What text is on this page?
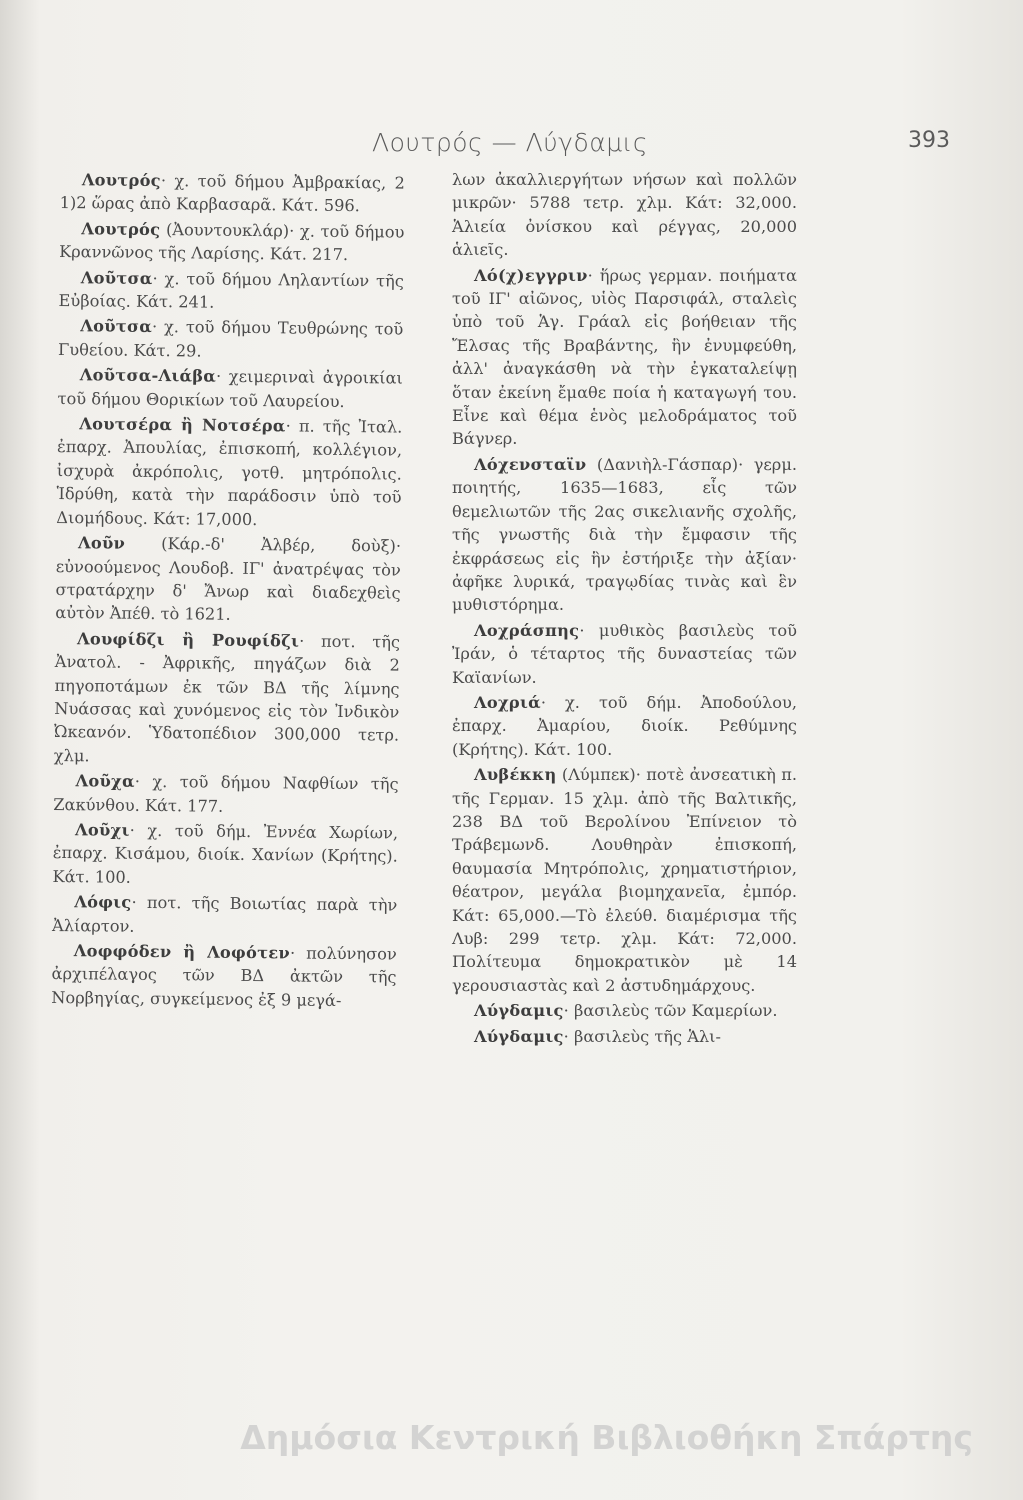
Λουτρός — Λύγδαμις	393

Λουτρός· χ. τοῦ δήμου Ἀμβρακίας, 2 1)2 ὥρας ἀπὸ Καρβασαρᾶ. Κάτ. 596.

Λουτρός (Ἀουντουκλάρ)· χ. τοῦ δήμου Κραννῶνος τῆς Λαρίσης. Κάτ. 217.

Λοῦτσα· χ. τοῦ δήμου Ληλαντίων τῆς Εὐβοίας. Κάτ. 241.

Λοῦτσα· χ. τοῦ δήμου Τευθρώνης τοῦ Γυθείου. Κάτ. 29.

Λοῦτσα-Λιάβα· χειμεριναὶ ἀγροικίαι τοῦ δήμου Θορικίων τοῦ Λαυρείου.

Λουτσέρα ἢ Νοτσέρα· π. τῆς Ἰταλ. ἐπαρχ. Ἀπουλίας, ἐπισκοπή, κολλέγιον, ἰσχυρὰ ἀκρόπολις, γοτθ. μητρόπολις. Ἱδρύθη, κατὰ τὴν παράδοσιν ὑπὸ τοῦ Διομήδους. Κάτ: 17,000.

Λοῦν (Κάρ.-δ' Ἀλβέρ, δοὺξ)· εὐνοούμενος Λουδοβ. ΙΓ' ἀνατρέψας τὸν στρατάρχην δ' Ἄνωρ καὶ διαδεχθεὶς αὐτὸν Ἀπέθ. τὸ 1621.

Λουφίδζι ἢ Ρουφίδζι· ποτ. τῆς Ἀνατολ. - Ἀφρικῆς, πηγάζων διὰ 2 πηγοποτάμων ἐκ τῶν ΒΔ τῆς λίμνης Νυάσσας καὶ χυνόμενος εἰς τὸν Ἰνδικὸν Ὠκεανόν. Ὑδατοπέδιον 300,000 τετρ. χλμ.

Λοῦχα· χ. τοῦ δήμου Ναφθίων τῆς Ζακύνθου. Κάτ. 177.

Λοῦχι· χ. τοῦ δήμ. Ἐννέα Χωρίων, ἐπαρχ. Κισάμου, διοίκ. Χανίων (Κρήτης). Κάτ. 100.

Λόφις· ποτ. τῆς Βοιωτίας παρὰ τὴν Ἀλίαρτον.

Λοφφόδεν ἢ Λοφότεν· πολύνησον ἀρχιπέλαγος τῶν ΒΔ ἀκτῶν τῆς Νορβηγίας, συγκείμενος ἐξ 9 μεγά-

λων ἀκαλλιεργήτων νήσων καὶ πολλῶν μικρῶν· 5788 τετρ. χλμ. Κάτ: 32,000. Ἁλιεία ὀνίσκου καὶ ρέγγας, 20,000 ἁλιεῖς.

Λό(χ)εγγριν· ἥρως γερμαν. ποιήματα τοῦ ΙΓ' αἰῶνος, υἱὸς Παρσιφάλ, σταλεὶς ὑπὸ τοῦ Ἁγ. Γράαλ εἰς βοήθειαν τῆς Ἔλσας τῆς Βραβάντης, ἣν ἐνυμφεύθη, ἀλλ' ἀναγκάσθη νὰ τὴν ἐγκαταλείψῃ ὅταν ἐκείνη ἔμαθε ποία ἡ καταγωγή του. Εἶνε καὶ θέμα ἑνὸς μελοδράματος τοῦ Βάγνερ.

Λόχενσταϊν (Δανιὴλ-Γάσπαρ)· γερμ. ποιητής, 1635—1683, εἷς τῶν θεμελιωτῶν τῆς 2ας σικελιανῆς σχολῆς, τῆς γνωστῆς διὰ τὴν ἔμφασιν τῆς ἐκφράσεως εἰς ἣν ἐστήριξε τὴν ἀξίαν· ἀφῆκε λυρικά, τραγῳδίας τινὰς καὶ ἓν μυθιστόρημα.

Λοχράσπης· μυθικὸς βασιλεὺς τοῦ Ἰράν, ὁ τέταρτος τῆς δυναστείας τῶν Καϊανίων.

Λοχριά· χ. τοῦ δήμ. Ἀποδούλου, ἐπαρχ. Ἀμαρίου, διοίκ. Ρεθύμνης (Κρήτης). Κάτ. 100.

Λυβέκκη (Λύμπεκ)· ποτὲ ἀνσεατικὴ π. τῆς Γερμαν. 15 χλμ. ἀπὸ τῆς Βαλτικῆς, 238 ΒΔ τοῦ Βερολίνου Ἐπίνειον τὸ Τράβεμωνδ. Λουθηρὰν ἐπισκοπή, θαυμασία Μητρόπολις, χρηματιστήριον, θέατρον, μεγάλα βιομηχανεῖα, ἐμπόρ. Κάτ: 65,000.—Τὸ ἐλεύθ. διαμέρισμα τῆς Λυβ: 299 τετρ. χλμ. Κάτ: 72,000. Πολίτευμα δημοκρατικὸν μὲ 14 γερουσιαστὰς καὶ 2 ἀστυδημάρχους.

Λύγδαμις· βασιλεὺς τῶν Καμερίων.

Λύγδαμις· βασιλεὺς τῆς Ἁλι-

Δημόσια Κεντρική Βιβλιοθήκη Σπάρτης
